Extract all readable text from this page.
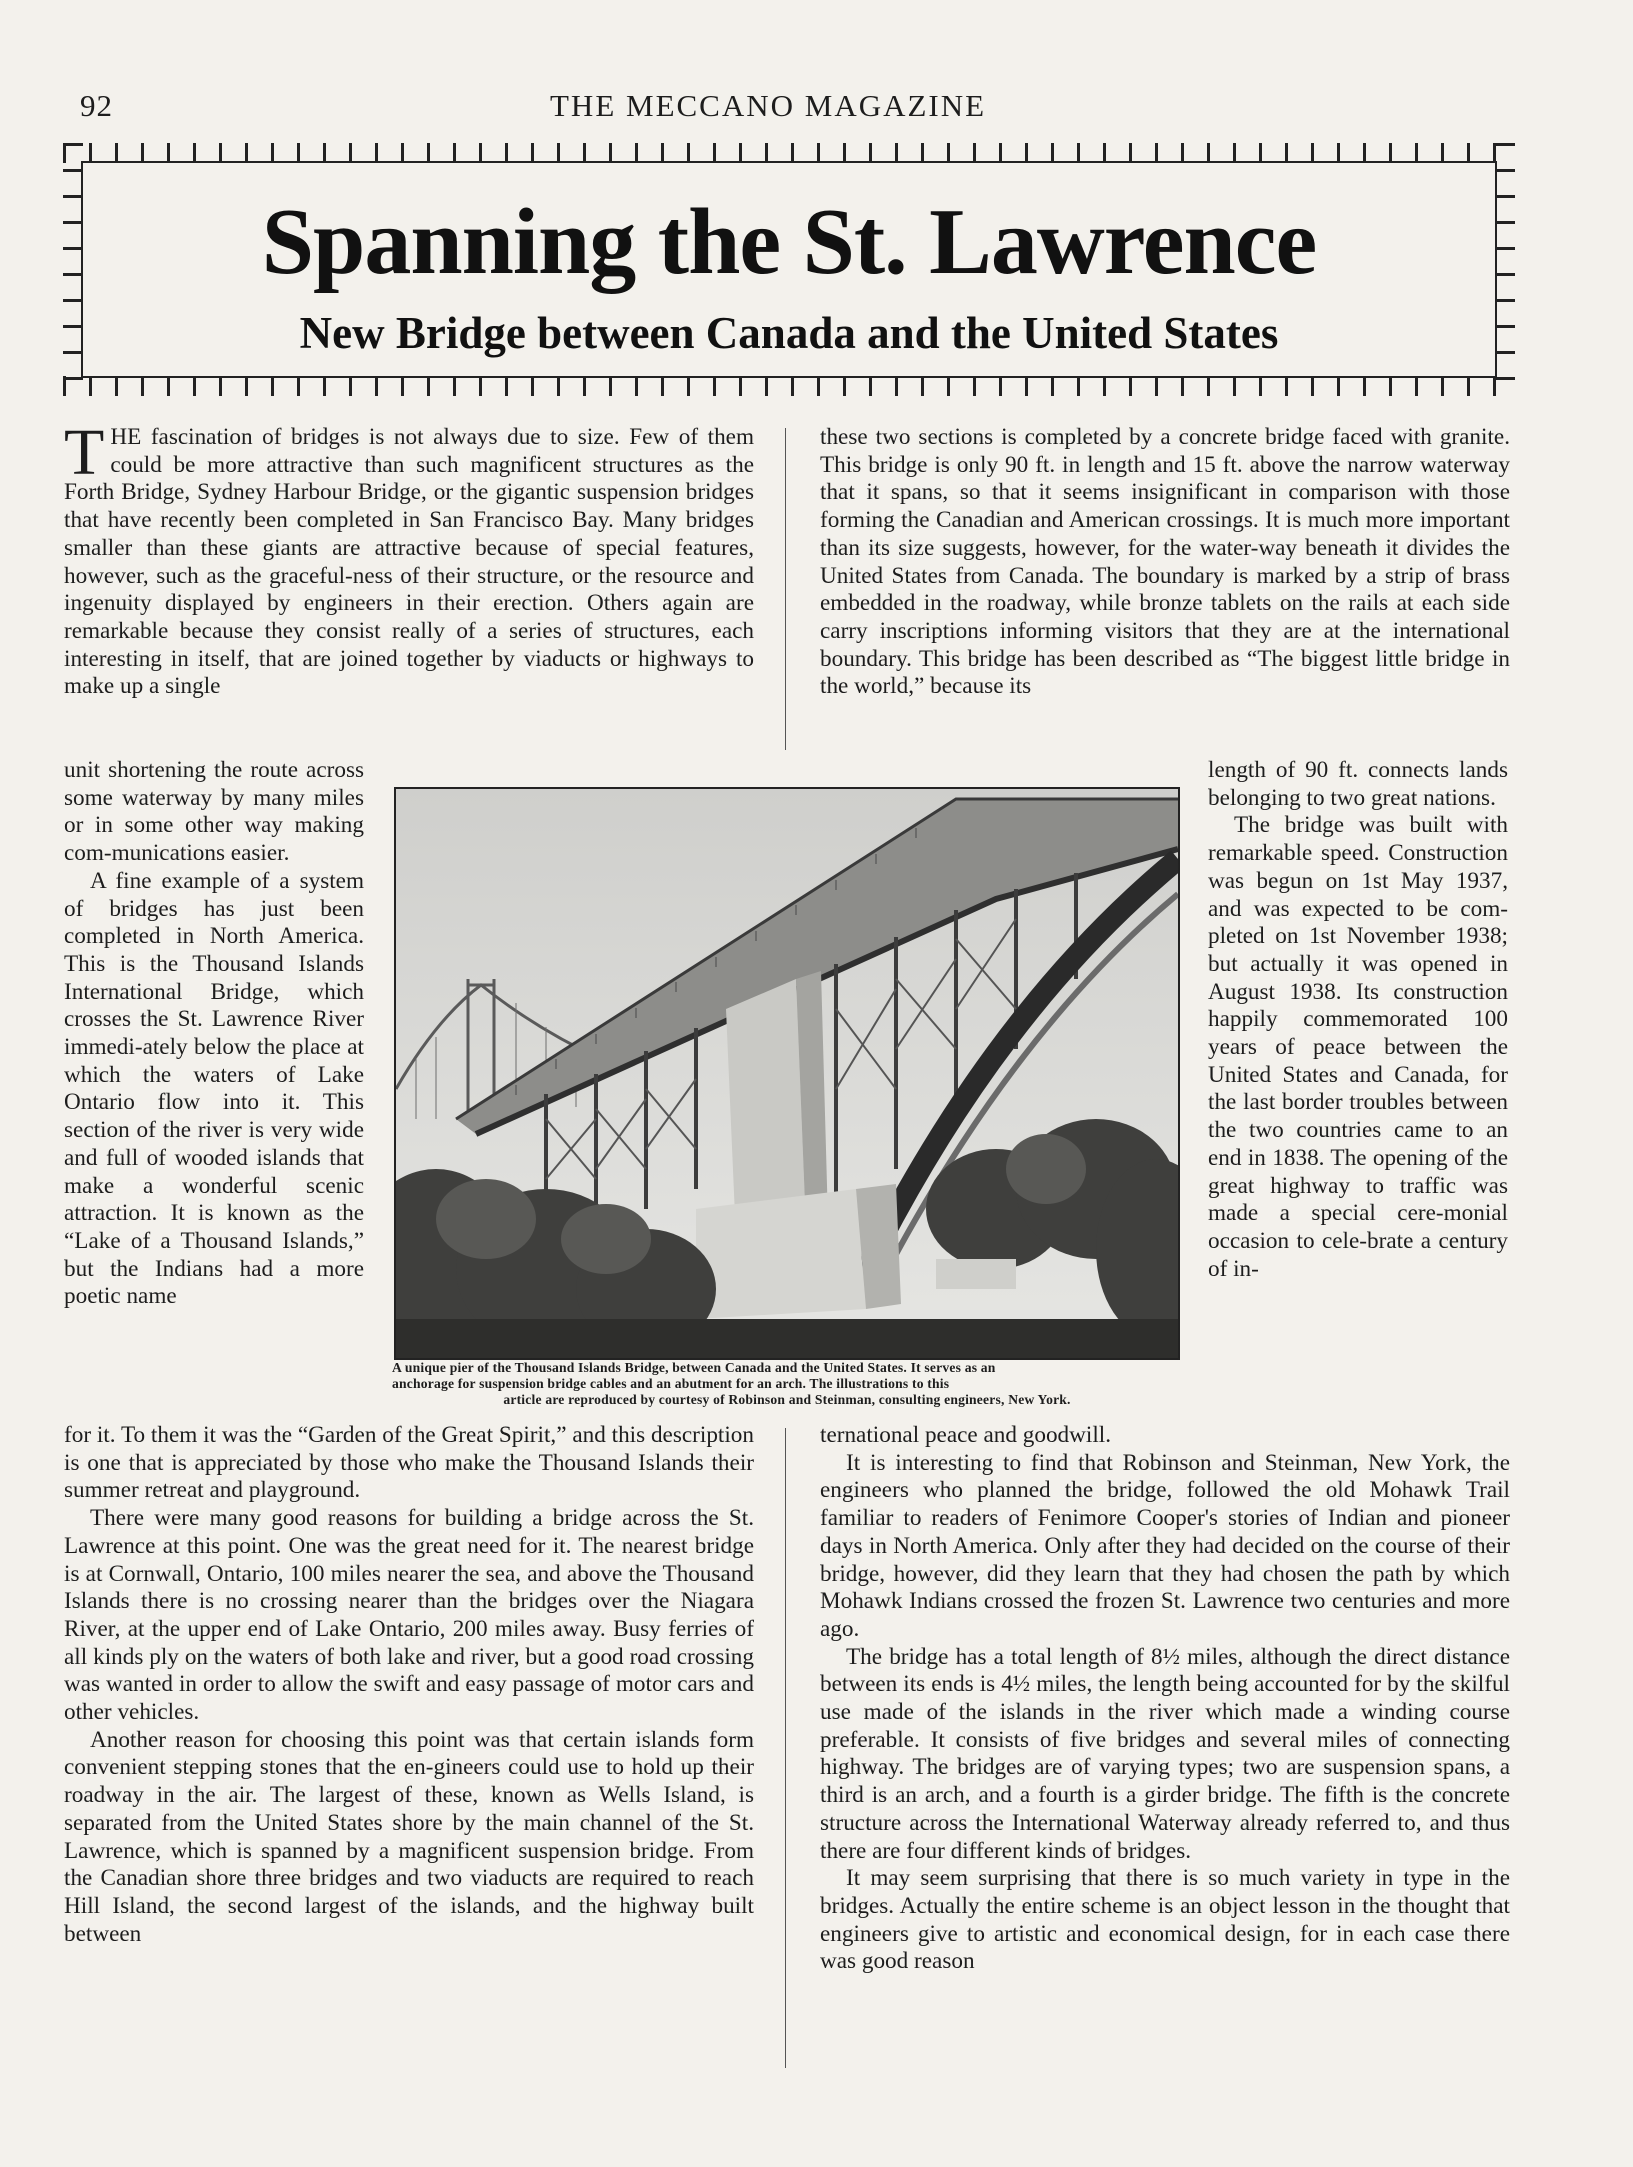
92	THE MECCANO MAGAZINE
Spanning the St. Lawrence
New Bridge between Canada and the United States

THE fascination of bridges is not always due to size. Few of them could be more attractive than such magnificent structures as the Forth Bridge, Sydney Harbour Bridge, or the gigantic suspension bridges that have recently been completed in San Francisco Bay. Many bridges smaller than these giants are attractive because of special features, however, such as the graceful-ness of their structure, or the resource and ingenuity displayed by engineers in their erection. Others again are remarkable because they consist really of a series of structures, each interesting in itself, that are joined together by viaducts or highways to make up a single

unit shortening the route across some waterway by many miles or in some other way making com-munications easier.

A fine example of a system of bridges has just been completed in North America. This is the Thousand Islands International Bridge, which crosses the St. Lawrence River immedi-ately below the place at which the waters of Lake Ontario flow into it. This section of the river is very wide and full of wooded islands that make a wonderful scenic attraction. It is known as the “Lake of a Thousand Islands,” but the Indians had a more poetic name

for it. To them it was the “Garden of the Great Spirit,” and this description is one that is appreciated by those who make the Thousand Islands their summer retreat and playground.

There were many good reasons for building a bridge across the St. Lawrence at this point. One was the great need for it. The nearest bridge is at Cornwall, Ontario, 100 miles nearer the sea, and above the Thousand Islands there is no crossing nearer than the bridges over the Niagara River, at the upper end of Lake Ontario, 200 miles away. Busy ferries of all kinds ply on the waters of both lake and river, but a good road crossing was wanted in order to allow the swift and easy passage of motor cars and other vehicles.

Another reason for choosing this point was that certain islands form convenient stepping stones that the en-gineers could use to hold up their roadway in the air. The largest of these, known as Wells Island, is separated from the United States shore by the main channel of the St. Lawrence, which is spanned by a magnificent suspension bridge. From the Canadian shore three bridges and two viaducts are required to reach Hill Island, the second largest of the islands, and the highway built between

these two sections is completed by a concrete bridge faced with granite. This bridge is only 90 ft. in length and 15 ft. above the narrow waterway that it spans, so that it seems insignificant in comparison with those forming the Canadian and American crossings. It is much more important than its size suggests, however, for the water-way beneath it divides the United States from Canada. The boundary is marked by a strip of brass embedded in the roadway, while bronze tablets on the rails at each side carry inscriptions informing visitors that they are at the international boundary. This bridge has been described as “The biggest little bridge in the world,” because its

length of 90 ft. connects lands belonging to two great nations.

The bridge was built with remarkable speed. Construction was begun on 1st May 1937, and was expected to be com-pleted on 1st November 1938; but actually it was opened in August 1938. Its construction happily commemorated 100 years of peace between the United States and Canada, for the last border troubles between the two countries came to an end in 1838. The opening of the great highway to traffic was made a special cere-monial occasion to cele-brate a century of in-

ternational peace and goodwill.

It is interesting to find that Robinson and Steinman, New York, the engineers who planned the bridge, followed the old Mohawk Trail familiar to readers of Fenimore Cooper's stories of Indian and pioneer days in North America. Only after they had decided on the course of their bridge, however, did they learn that they had chosen the path by which Mohawk Indians crossed the frozen St. Lawrence two centuries and more ago.

The bridge has a total length of 8½ miles, although the direct distance between its ends is 4½ miles, the length being accounted for by the skilful use made of the islands in the river which made a winding course preferable. It consists of five bridges and several miles of connecting highway. The bridges are of varying types; two are suspension spans, a third is an arch, and a fourth is a girder bridge. The fifth is the concrete structure across the International Waterway already referred to, and thus there are four different kinds of bridges.

It may seem surprising that there is so much variety in type in the bridges. Actually the entire scheme is an object lesson in the thought that engineers give to artistic and economical design, for in each case there was good reason

A unique pier of the Thousand Islands Bridge, between Canada and the United States. It serves as an
anchorage for suspension bridge cables and an abutment for an arch. The illustrations to this
article are reproduced by courtesy of Robinson and Steinman, consulting engineers, New York.
